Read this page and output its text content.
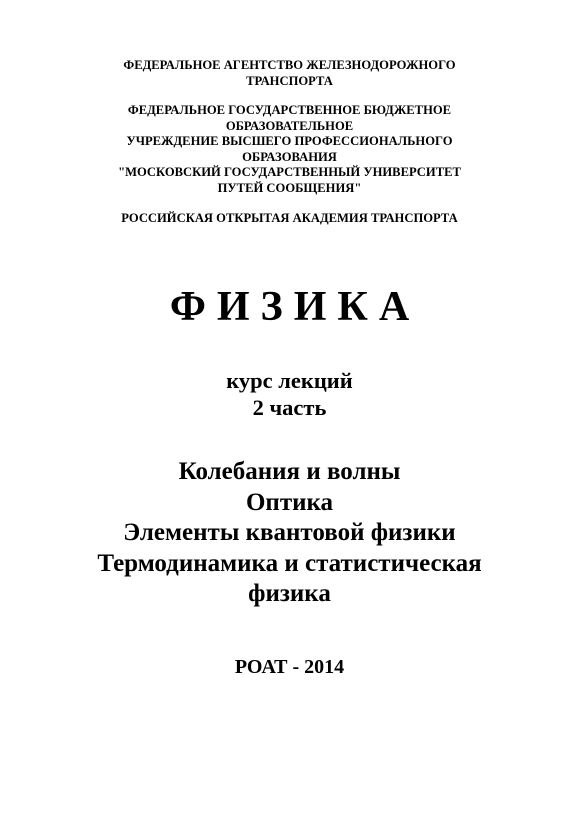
ФЕДЕРАЛЬНОЕ АГЕНТСТВО ЖЕЛЕЗНОДОРОЖНОГО
ТРАНСПОРТА
ФЕДЕРАЛЬНОЕ ГОСУДАРСТВЕННОЕ БЮДЖЕТНОЕ
ОБРАЗОВАТЕЛЬНОЕ
УЧРЕЖДЕНИЕ ВЫСШЕГО ПРОФЕССИОНАЛЬНОГО
ОБРАЗОВАНИЯ
"МОСКОВСКИЙ ГОСУДАРСТВЕННЫЙ УНИВЕРСИТЕТ
ПУТЕЙ СООБЩЕНИЯ"
РОССИЙСКАЯ ОТКРЫТАЯ АКАДЕМИЯ ТРАНСПОРТА
ФИЗИКА
курс лекций
2 часть
Колебания и волны
Оптика
Элементы квантовой физики
Термодинамика и статистическая
физика
РОАТ - 2014
